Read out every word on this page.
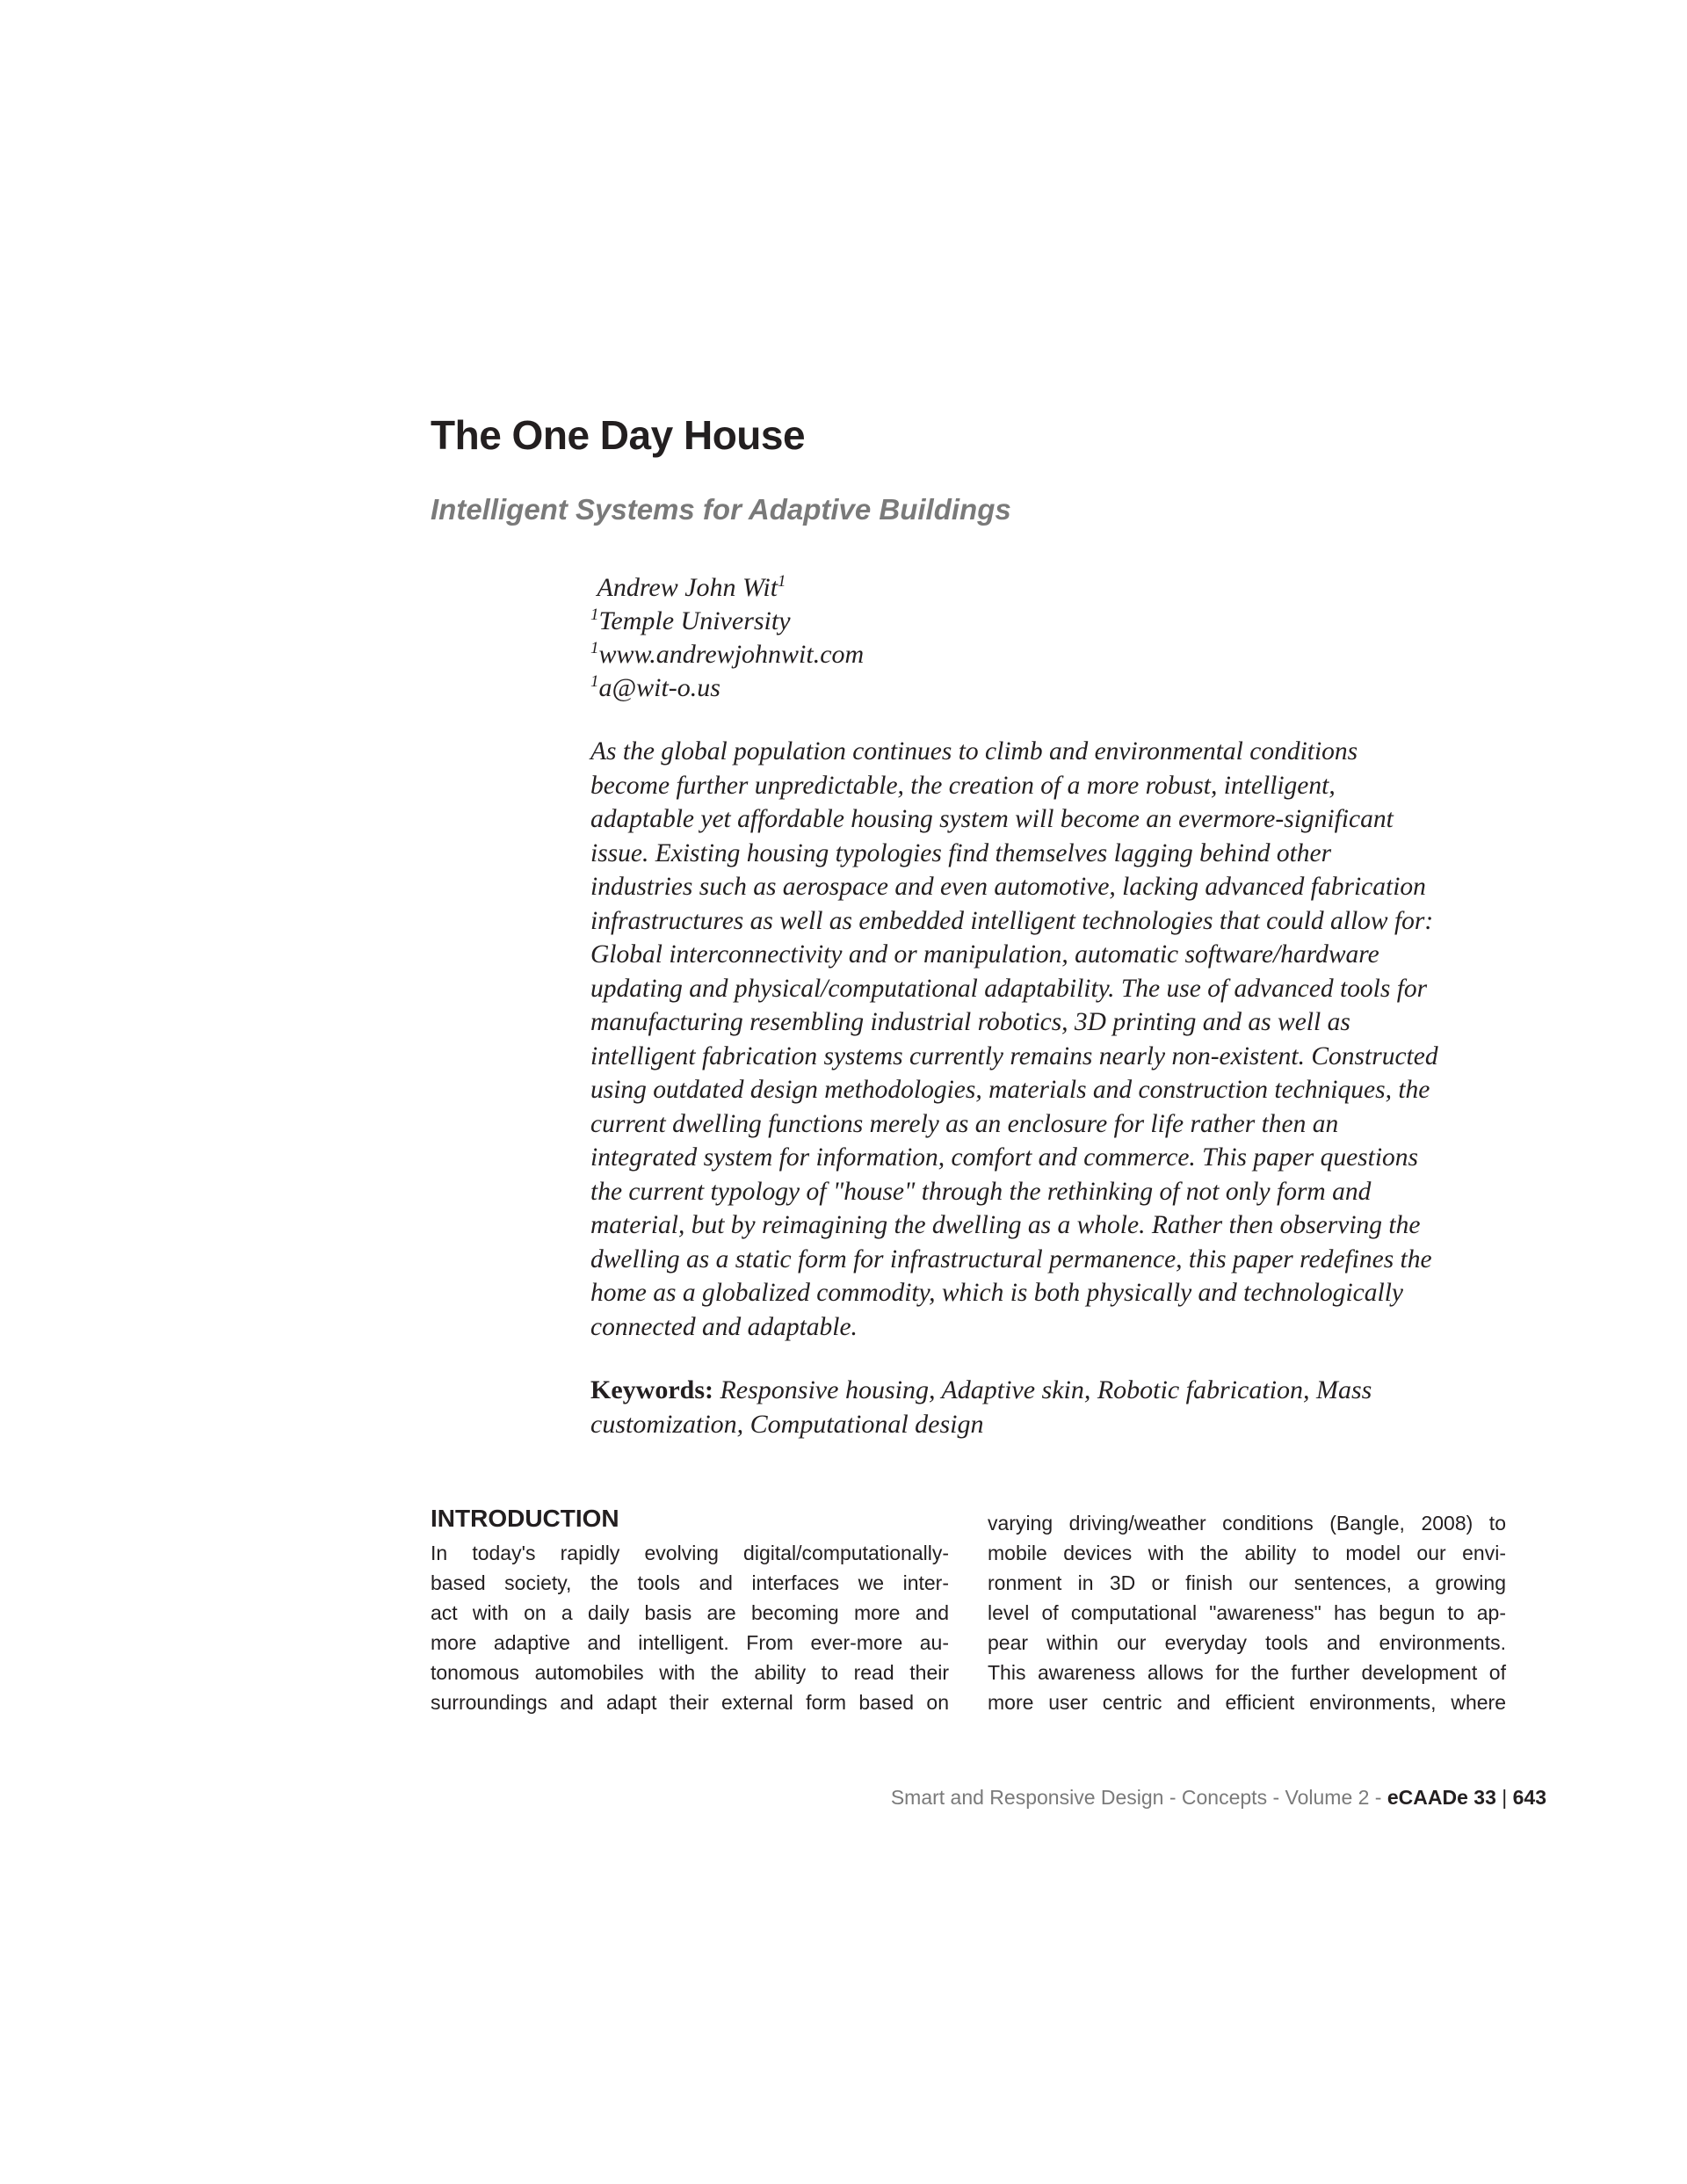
The One Day House
Intelligent Systems for Adaptive Buildings
Andrew John Wit$^1$
$^1$Temple University
$^1$www.andrewjohnwit.com
$^1$a@wit-o.us
As the global population continues to climb and environmental conditions
become further unpredictable, the creation of a more robust, intelligent,
adaptable yet affordable housing system will become an evermore-significant
issue. Existing housing typologies find themselves lagging behind other
industries such as aerospace and even automotive, lacking advanced fabrication
infrastructures as well as embedded intelligent technologies that could allow for:
Global interconnectivity and or manipulation, automatic software/hardware
updating and physical/computational adaptability. The use of advanced tools for
manufacturing resembling industrial robotics, 3D printing and as well as
intelligent fabrication systems currently remains nearly non-existent. Constructed
using outdated design methodologies, materials and construction techniques, the
current dwelling functions merely as an enclosure for life rather then an
integrated system for information, comfort and commerce. This paper questions
the current typology of "house" through the rethinking of not only form and
material, but by reimagining the dwelling as a whole. Rather then observing the
dwelling as a static form for infrastructural permanence, this paper redefines the
home as a globalized commodity, which is both physically and technologically
connected and adaptable.
Keywords: Responsive housing, Adaptive skin, Robotic fabrication, Mass
customization, Computational design
INTRODUCTION
In today's rapidly evolving digital/computationally-
based society, the tools and interfaces we inter-
act with on a daily basis are becoming more and
more adaptive and intelligent. From ever-more au-
tonomous automobiles with the ability to read their
surroundings and adapt their external form based on
varying driving/weather conditions (Bangle, 2008) to
mobile devices with the ability to model our envi-
ronment in 3D or finish our sentences, a growing
level of computational "awareness" has begun to ap-
pear within our everyday tools and environments.
This awareness allows for the further development of
more user centric and efficient environments, where
Smart and Responsive Design - Concepts - Volume 2 - eCAADe 33 | 643
